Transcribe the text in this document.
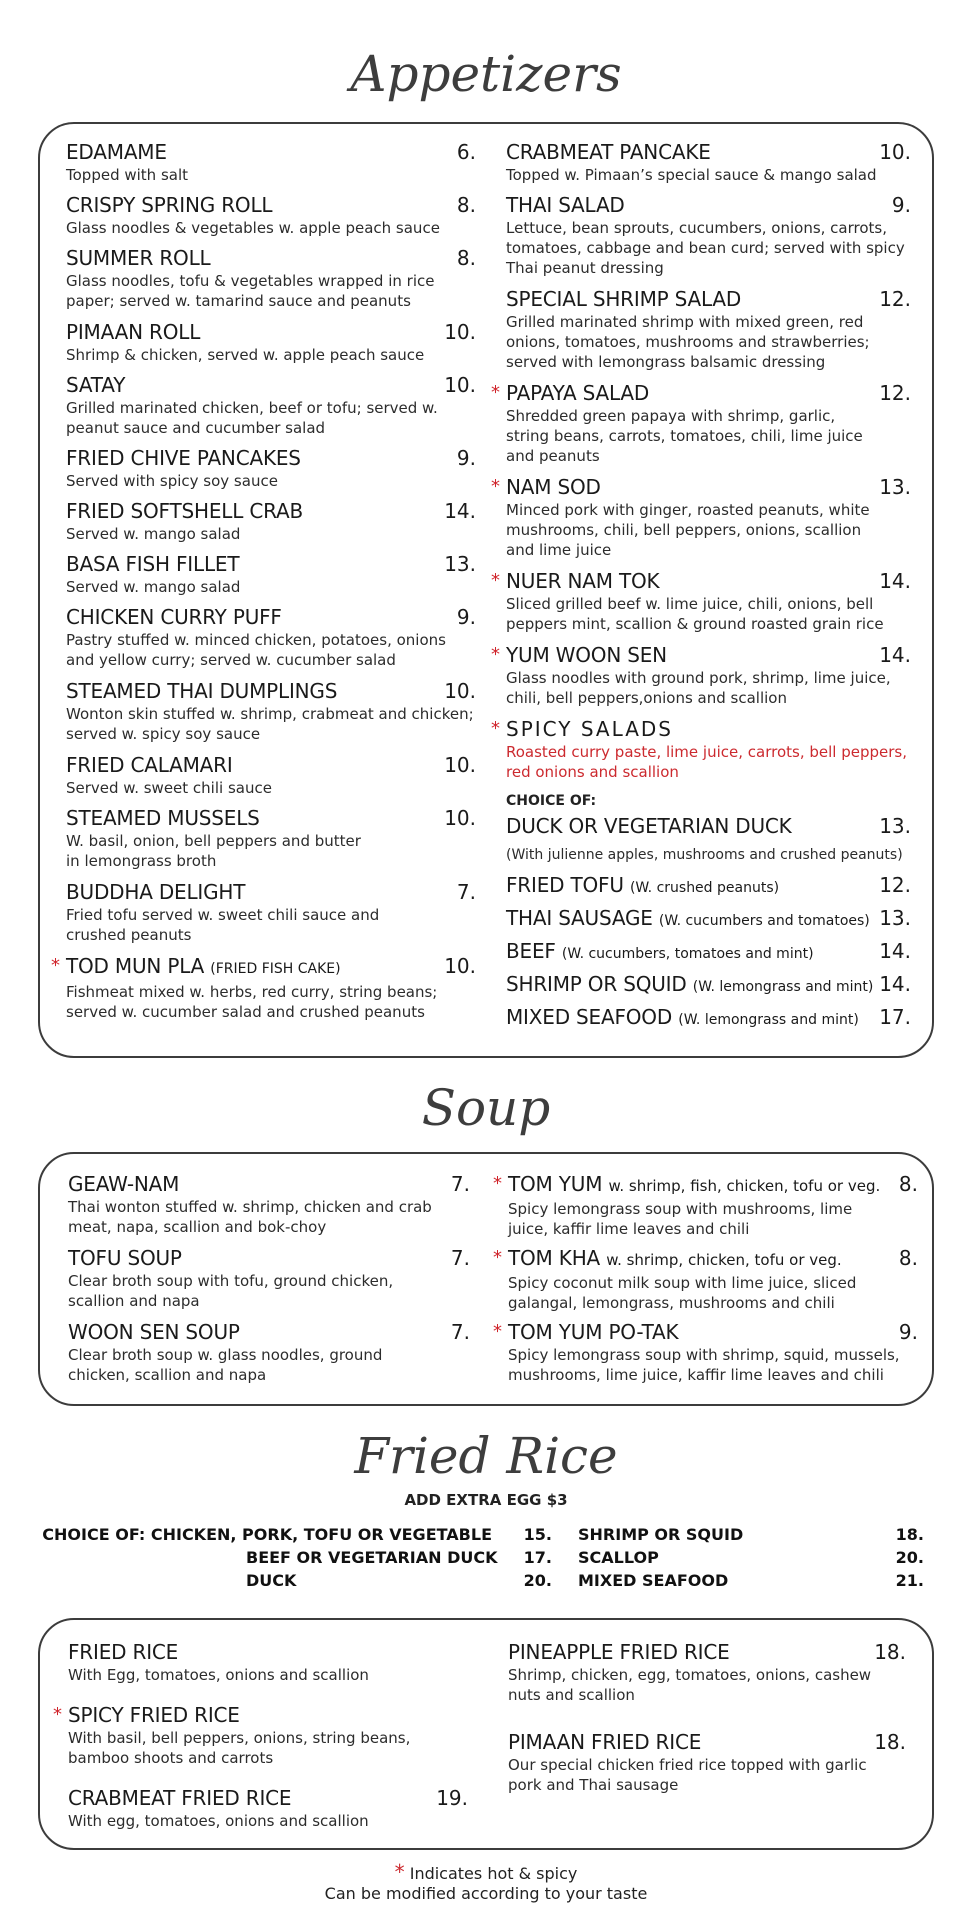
Appetizers
EDAMAME	6.
Topped with salt
CRISPY SPRING ROLL	8.
Glass noodles & vegetables w. apple peach sauce
SUMMER ROLL	8.
Glass noodles, tofu & vegetables wrapped in rice paper; served w. tamarind sauce and peanuts
PIMAAN ROLL	10.
Shrimp & chicken, served w. apple peach sauce
SATAY	10.
Grilled marinated chicken, beef or tofu; served w. peanut sauce and cucumber salad
FRIED CHIVE PANCAKES	9.
Served with spicy soy sauce
FRIED SOFTSHELL CRAB	14.
Served w. mango salad
BASA FISH FILLET	13.
Served w. mango salad
CHICKEN CURRY PUFF	9.
Pastry stuffed w. minced chicken, potatoes, onions and yellow curry; served w. cucumber salad
STEAMED THAI DUMPLINGS	10.
Wonton skin stuffed w. shrimp, crabmeat and chicken; served w. spicy soy sauce
FRIED CALAMARI	10.
Served w. sweet chili sauce
STEAMED MUSSELS	10.
W. basil, onion, bell peppers and butter in lemongrass broth
BUDDHA DELIGHT	7.
Fried tofu served w. sweet chili sauce and crushed peanuts
* TOD MUN PLA (FRIED FISH CAKE)	10.
Fishmeat mixed w. herbs, red curry, string beans; served w. cucumber salad and crushed peanuts
CRABMEAT PANCAKE	10.
Topped w. Pimaan’s special sauce & mango salad
THAI SALAD	9.
Lettuce, bean sprouts, cucumbers, onions, carrots, tomatoes, cabbage and bean curd; served with spicy Thai peanut dressing
SPECIAL SHRIMP SALAD	12.
Grilled marinated shrimp with mixed green, red onions, tomatoes, mushrooms and strawberries; served with lemongrass balsamic dressing
* PAPAYA SALAD	12.
Shredded green papaya with shrimp, garlic, string beans, carrots, tomatoes, chili, lime juice and peanuts
* NAM SOD	13.
Minced pork with ginger, roasted peanuts, white mushrooms, chili, bell peppers, onions, scallion and lime juice
* NUER NAM TOK	14.
Sliced grilled beef w. lime juice, chili, onions, bell peppers mint, scallion & ground roasted grain rice
* YUM WOON SEN	14.
Glass noodles with ground pork, shrimp, lime juice, chili, bell peppers,onions and scallion
* SPICY SALADS
Roasted curry paste, lime juice, carrots, bell peppers, red onions and scallion
CHOICE OF:
DUCK OR VEGETARIAN DUCK	13.
(With julienne apples, mushrooms and crushed peanuts)
FRIED TOFU (W. crushed peanuts)	12.
THAI SAUSAGE (W. cucumbers and tomatoes) 13.
BEEF (W. cucumbers, tomatoes and mint)	14.
SHRIMP OR SQUID (W. lemongrass and mint) 14.
MIXED SEAFOOD (W. lemongrass and mint) 17.
Soup
GEAW-NAM	7.
Thai wonton stuffed w. shrimp, chicken and crab meat, napa, scallion and bok-choy
TOFU SOUP	7.
Clear broth soup with tofu, ground chicken, scallion and napa
WOON SEN SOUP	7.
Clear broth soup w. glass noodles, ground chicken, scallion and napa
* TOM YUM w. shrimp, fish, chicken, tofu or veg. 8.
Spicy lemongrass soup with mushrooms, lime juice, kaffir lime leaves and chili
* TOM KHA w. shrimp, chicken, tofu or veg.	8.
Spicy coconut milk soup with lime juice, sliced galangal, lemongrass, mushrooms and chili
* TOM YUM PO-TAK	9.
Spicy lemongrass soup with shrimp, squid, mussels, mushrooms, lime juice, kaffir lime leaves and chili
Fried Rice
ADD EXTRA EGG $3
CHOICE OF: CHICKEN, PORK, TOFU OR VEGETABLE 15.
BEEF OR VEGETARIAN DUCK 17.
DUCK	20.
SHRIMP OR SQUID	18.
SCALLOP	20.
MIXED SEAFOOD	21.
FRIED RICE
With Egg, tomatoes, onions and scallion
* SPICY FRIED RICE
With basil, bell peppers, onions, string beans, bamboo shoots and carrots
CRABMEAT FRIED RICE	19.
With egg, tomatoes, onions and scallion
PINEAPPLE FRIED RICE	18.
Shrimp, chicken, egg, tomatoes, onions, cashew nuts and scallion
PIMAAN FRIED RICE	18.
Our special chicken fried rice topped with garlic pork and Thai sausage
* Indicates hot & spicy
Can be modified according to your taste
